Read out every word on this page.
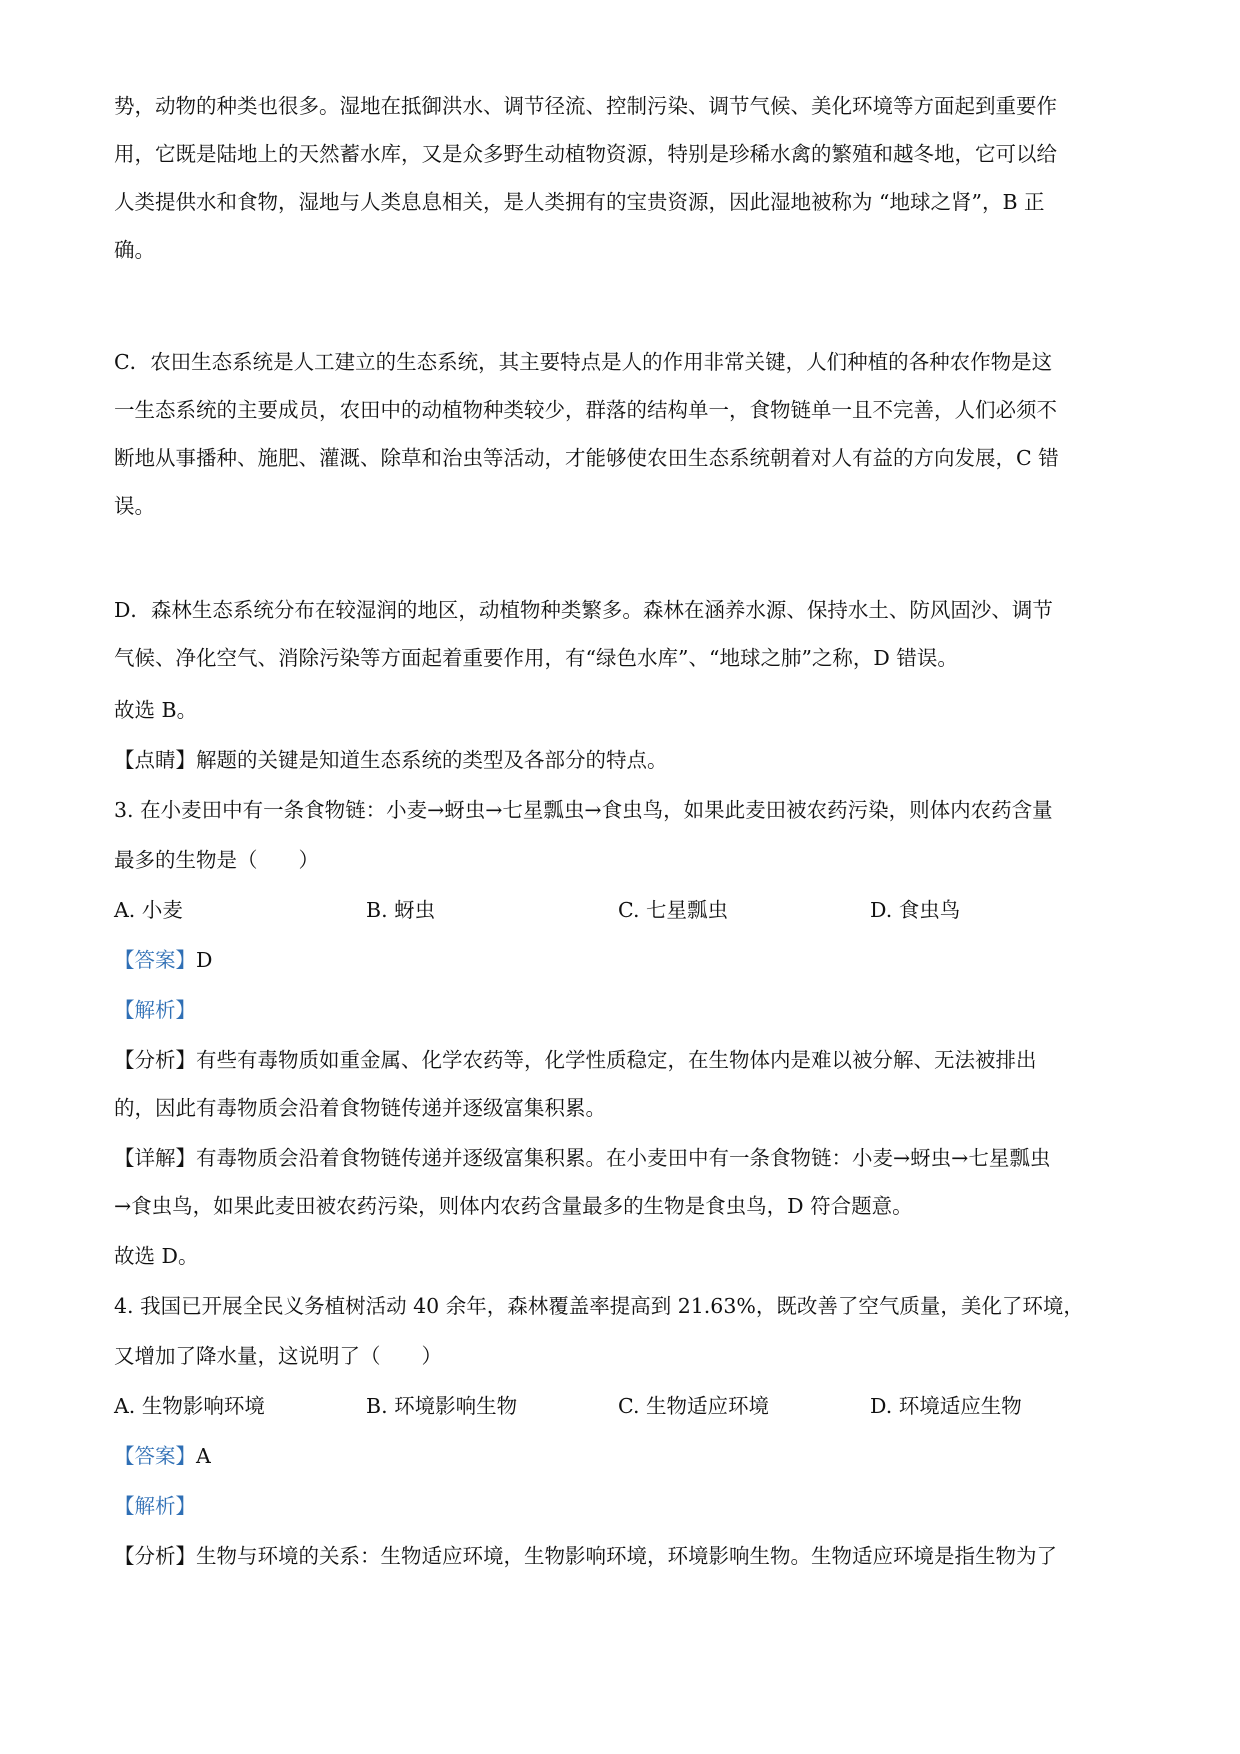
势，动物的种类也很多。湿地在抵御洪水、调节径流、控制污染、调节气候、美化环境等方面起到重要作
用，它既是陆地上的天然蓄水库，又是众多野生动植物资源，特别是珍稀水禽的繁殖和越冬地，它可以给
人类提供水和食物，湿地与人类息息相关，是人类拥有的宝贵资源，因此湿地被称为 “地球之肾”，B 正
确。
C．农田生态系统是人工建立的生态系统，其主要特点是人的作用非常关键，人们种植的各种农作物是这
一生态系统的主要成员，农田中的动植物种类较少，群落的结构单一，食物链单一且不完善，人们必须不
断地从事播种、施肥、灌溉、除草和治虫等活动，才能够使农田生态系统朝着对人有益的方向发展，C 错
误。
D．森林生态系统分布在较湿润的地区，动植物种类繁多。森林在涵养水源、保持水土、防风固沙、调节
气候、净化空气、消除污染等方面起着重要作用，有“绿色水库”、“地球之肺”之称，D 错误。
故选 B。
【点睛】解题的关键是知道生态系统的类型及各部分的特点。
3. 在小麦田中有一条食物链：小麦→蚜虫→七星瓢虫→食虫鸟，如果此麦田被农药污染，则体内农药含量
最多的生物是（　　）
A. 小麦	B. 蚜虫	C. 七星瓢虫	D. 食虫鸟
【答案】D
【解析】
【分析】有些有毒物质如重金属、化学农药等，化学性质稳定，在生物体内是难以被分解、无法被排出
的，因此有毒物质会沿着食物链传递并逐级富集积累。
【详解】有毒物质会沿着食物链传递并逐级富集积累。在小麦田中有一条食物链：小麦→蚜虫→七星瓢虫
→食虫鸟，如果此麦田被农药污染，则体内农药含量最多的生物是食虫鸟，D 符合题意。
故选 D。
4. 我国已开展全民义务植树活动 40 余年，森林覆盖率提高到 21.63%，既改善了空气质量，美化了环境，
又增加了降水量，这说明了（　　）
A. 生物影响环境	B. 环境影响生物	C. 生物适应环境	D. 环境适应生物
【答案】A
【解析】
【分析】生物与环境的关系：生物适应环境，生物影响环境，环境影响生物。生物适应环境是指生物为了
